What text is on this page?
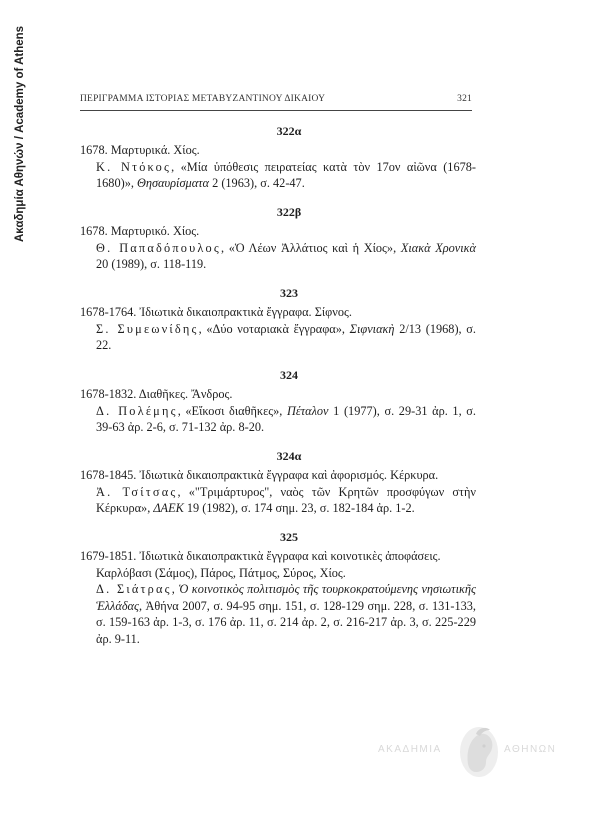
Ακαδημία Αθηνών / Academy of Athens	ΠΕΡΙΓΡΑΜΜΑ ΙΣΤΟΡΙΑΣ ΜΕΤΑΒΥΖΑΝΤΙΝΟΥ ΔΙΚΑΙΟΥ	321
322α
1678. Μαρτυρικά. Χίος.
Κ. Ντόκος, «Μία ὑπόθεσις πειρατείας κατὰ τὸν 17ον αἰῶνα (1678-1680)», Θησαυρίσματα 2 (1963), σ. 42-47.
322β
1678. Μαρτυρικό. Χίος.
Θ. Παπαδόπουλος, «Ὁ Λέων Ἀλλάτιος καὶ ἡ Χίος», Χιακὰ Χρονικὰ 20 (1989), σ. 118-119.
323
1678-1764. Ἰδιωτικὰ δικαιοπρακτικὰ ἔγγραφα. Σίφνος.
Σ. Συμεωνίδης, «Δύο νοταριακὰ ἔγγραφα», Σιφνιακὴ 2/13 (1968), σ. 22.
324
1678-1832. Διαθῆκες. Ἄνδρος.
Δ. Πολέμης, «Εἴκοσι διαθῆκες», Πέταλον 1 (1977), σ. 29-31 ἀρ. 1, σ. 39-63 ἀρ. 2-6, σ. 71-132 ἀρ. 8-20.
324α
1678-1845. Ἰδιωτικὰ δικαιοπρακτικὰ ἔγγραφα καὶ ἀφορισμός. Κέρκυρα.
Ἀ. Τσίτσας, «"Τριμάρτυρος", ναὸς τῶν Κρητῶν προσφύγων στὴν Κέρκυρα», ΔΑΕΚ 19 (1982), σ. 174 σημ. 23, σ. 182-184 ἀρ. 1-2.
325
1679-1851. Ἰδιωτικὰ δικαιοπρακτικὰ ἔγγραφα καὶ κοινοτικὲς ἀποφάσεις.
Καρλόβασι (Σάμος), Πάρος, Πάτμος, Σύρος, Χίος.
Δ. Σιάτρας, Ὁ κοινοτικὸς πολιτισμὸς τῆς τουρκοκρατούμενης νησιωτικῆς Ἑλλάδας, Ἀθήνα 2007, σ. 94-95 σημ. 151, σ. 128-129 σημ. 228, σ. 131-133, σ. 159-163 ἀρ. 1-3, σ. 176 ἀρ. 11, σ. 214 ἀρ. 2, σ. 216-217 ἀρ. 3, σ. 225-229 ἀρ. 9-11.
ΑΚΑΔΗΜΙΑ	ΑΘΗΝΩΝ
